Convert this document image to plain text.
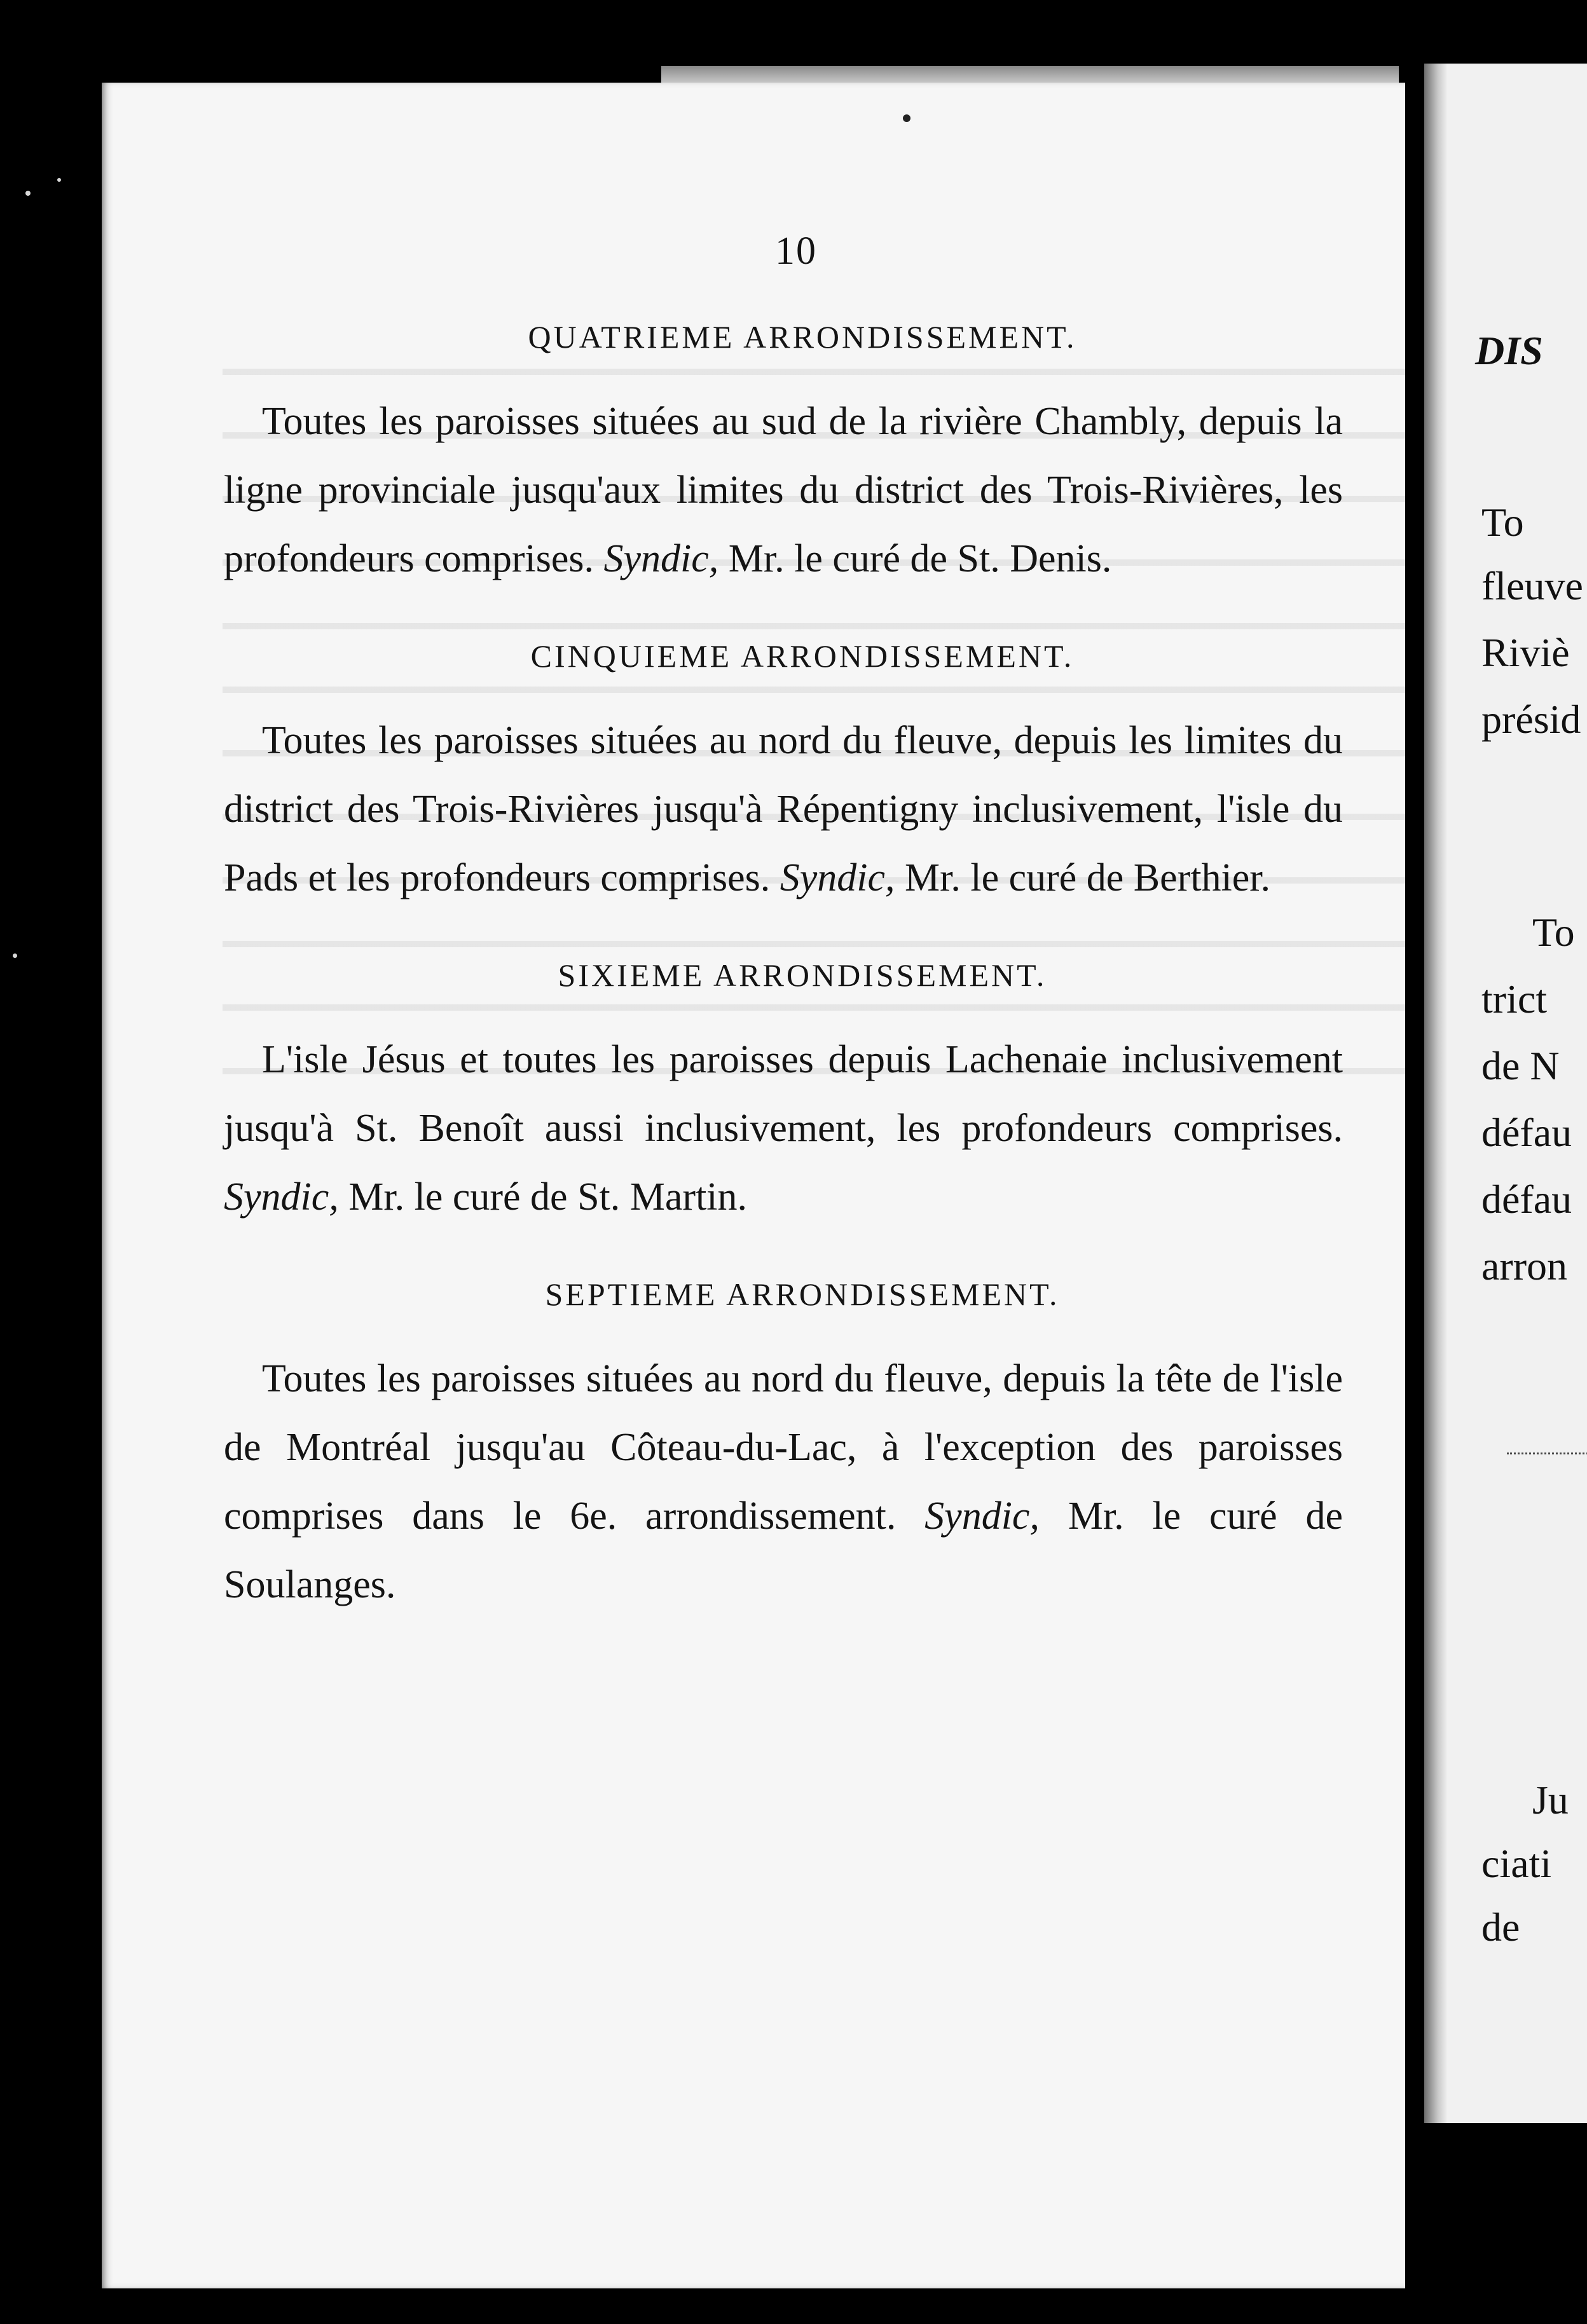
DIS
To
fleuve
Riviè
présid
To
trict
de N
défau
défau
arron
Ju
ciati
de
10
QUATRIEME ARRONDISSEMENT.

Toutes les paroisses situées au sud de la rivière Chambly, depuis la ligne provinciale jusqu'aux limites du district des Trois-Rivières, les profondeurs comprises. Syndic, Mr. le curé de St. Denis.

CINQUIEME ARRONDISSEMENT.

Toutes les paroisses situées au nord du fleuve, depuis les limites du district des Trois-Rivières jusqu'à Répentigny inclusivement, l'isle du Pads et les profondeurs comprises. Syndic, Mr. le curé de Berthier.

SIXIEME ARRONDISSEMENT.

L'isle Jésus et toutes les paroisses depuis Lachenaie inclusivement jusqu'à St. Benoît aussi inclusivement, les profondeurs comprises. Syndic, Mr. le curé de St. Martin.

SEPTIEME ARRONDISSEMENT.

Toutes les paroisses situées au nord du fleuve, depuis la tête de l'isle de Montréal jusqu'au Côteau-du-Lac, à l'exception des paroisses comprises dans le 6e. arrondissement. Syndic, Mr. le curé de Soulanges.
